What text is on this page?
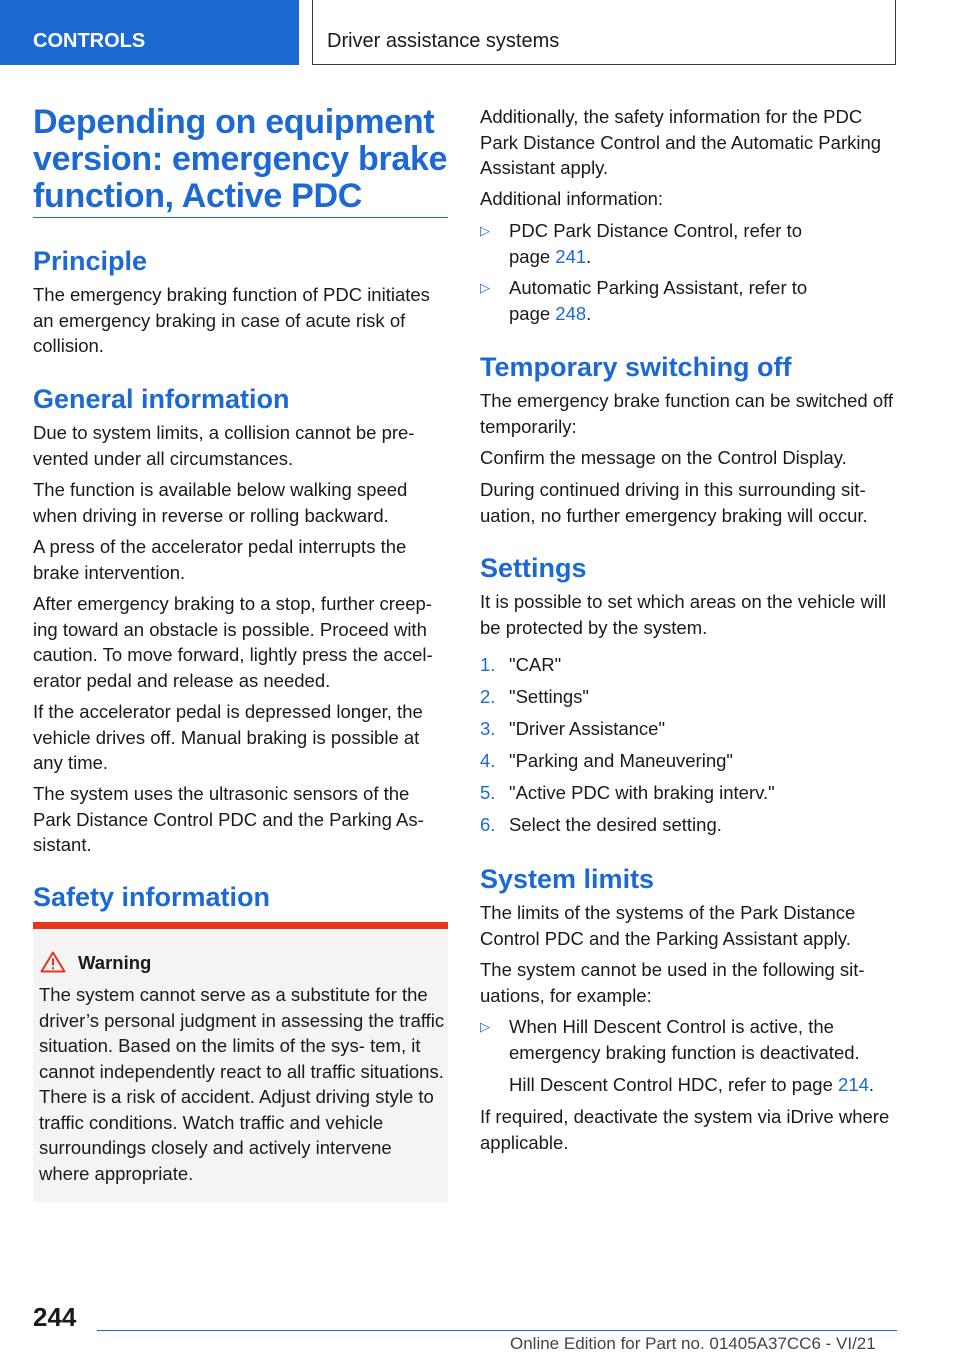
CONTROLS	Driver assistance systems
Depending on equipment version: emergency brake function, Active PDC
Principle

The emergency braking function of PDC initiates an emergency braking in case of acute risk of collision.

General information

Due to system limits, a collision cannot be pre‐ vented under all circumstances.

The function is available below walking speed when driving in reverse or rolling backward.

A press of the accelerator pedal interrupts the brake intervention.

After emergency braking to a stop, further creep‐ ing toward an obstacle is possible. Proceed with caution. To move forward, lightly press the accel‐ erator pedal and release as needed.

If the accelerator pedal is depressed longer, the vehicle drives off. Manual braking is possible at any time.

The system uses the ultrasonic sensors of the Park Distance Control PDC and the Parking As‐ sistant.

Safety information
Warning
The system cannot serve as a substitute for the driver’s personal judgment in assessing the traffic situation. Based on the limits of the sys‐ tem, it cannot independently react to all traffic situations. There is a risk of accident. Adjust driving style to traffic conditions. Watch traffic and vehicle surroundings closely and actively intervene where appropriate.

Additionally, the safety information for the PDC Park Distance Control and the Automatic Parking Assistant apply.

Additional information:

▷	PDC Park Distance Control, refer to
page 241.
▷	Automatic Parking Assistant, refer to
page 248.
Temporary switching off

The emergency brake function can be switched off temporarily:

Confirm the message on the Control Display.

During continued driving in this surrounding sit‐ uation, no further emergency braking will occur.

Settings

It is possible to set which areas on the vehicle will be protected by the system.

1. "CAR"
2. "Settings"
3. "Driver Assistance"
4. "Parking and Maneuvering"
5. "Active PDC with braking interv."
6. Select the desired setting.
System limits

The limits of the systems of the Park Distance Control PDC and the Parking Assistant apply.

The system cannot be used in the following sit‐ uations, for example:

▷	When Hill Descent Control is active, the emergency braking function is deactivated.

Hill Descent Control HDC, refer to page 214.

If required, deactivate the system via iDrive where applicable.

244
Online Edition for Part no. 01405A37CC6 - VI/21
